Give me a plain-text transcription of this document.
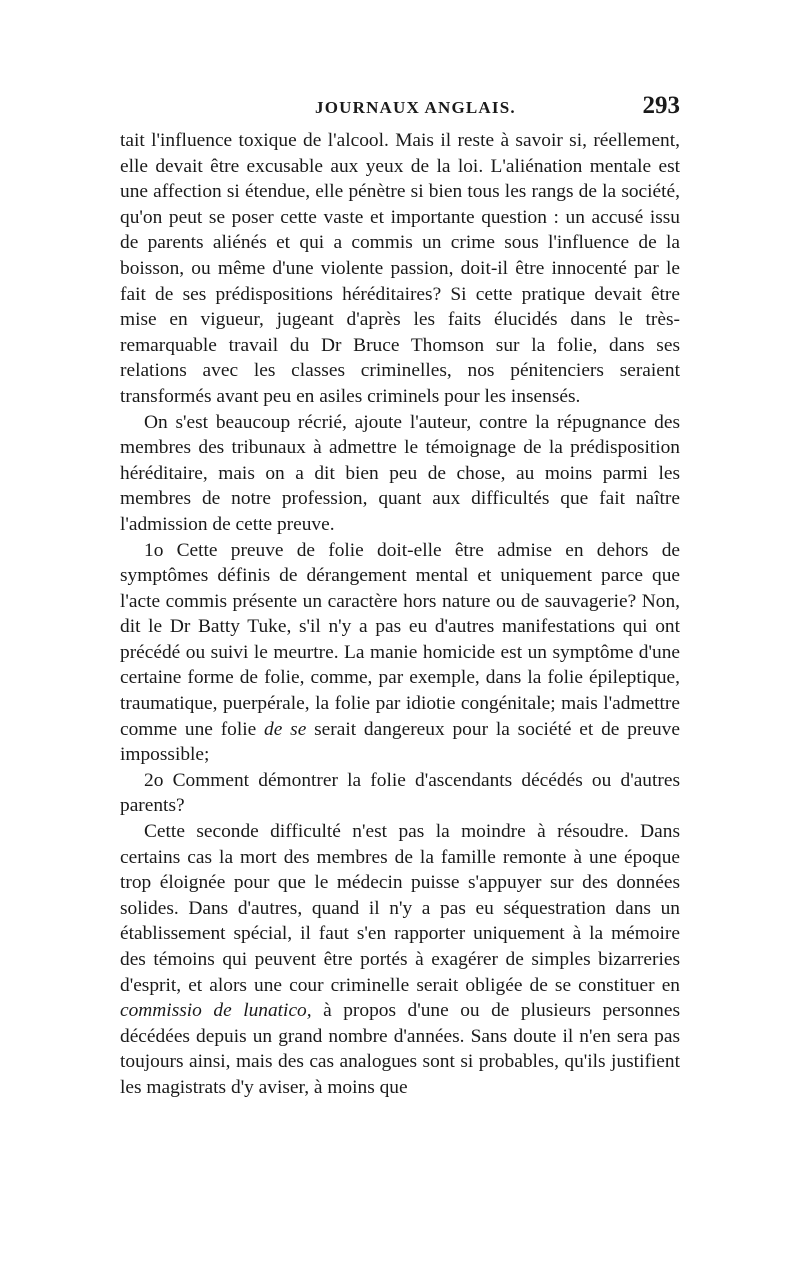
JOURNAUX ANGLAIS.	293

tait l'influence toxique de l'alcool. Mais il reste à savoir si, réellement, elle devait être excusable aux yeux de la loi. L'aliénation mentale est une affection si étendue, elle pénètre si bien tous les rangs de la société, qu'on peut se poser cette vaste et importante question : un accusé issu de parents aliénés et qui a commis un crime sous l'influence de la boisson, ou même d'une violente passion, doit-il être innocenté par le fait de ses prédispositions héréditaires? Si cette pratique devait être mise en vigueur, jugeant d'après les faits élucidés dans le très-remarquable travail du Dr Bruce Thomson sur la folie, dans ses relations avec les classes criminelles, nos pénitenciers seraient transformés avant peu en asiles criminels pour les insensés.

On s'est beaucoup récrié, ajoute l'auteur, contre la répugnance des membres des tribunaux à admettre le témoignage de la prédisposition héréditaire, mais on a dit bien peu de chose, au moins parmi les membres de notre profession, quant aux difficultés que fait naître l'admission de cette preuve.

1o Cette preuve de folie doit-elle être admise en dehors de symptômes définis de dérangement mental et uniquement parce que l'acte commis présente un caractère hors nature ou de sauvagerie? Non, dit le Dr Batty Tuke, s'il n'y a pas eu d'autres manifestations qui ont précédé ou suivi le meurtre. La manie homicide est un symptôme d'une certaine forme de folie, comme, par exemple, dans la folie épileptique, traumatique, puerpérale, la folie par idiotie congénitale; mais l'admettre comme une folie de se serait dangereux pour la société et de preuve impossible;

2o Comment démontrer la folie d'ascendants décédés ou d'autres parents?

Cette seconde difficulté n'est pas la moindre à résoudre. Dans certains cas la mort des membres de la famille remonte à une époque trop éloignée pour que le médecin puisse s'appuyer sur des données solides. Dans d'autres, quand il n'y a pas eu séquestration dans un établissement spécial, il faut s'en rapporter uniquement à la mémoire des témoins qui peuvent être portés à exagérer de simples bizarreries d'esprit, et alors une cour criminelle serait obligée de se constituer en commissio de lunatico, à propos d'une ou de plusieurs personnes décédées depuis un grand nombre d'années. Sans doute il n'en sera pas toujours ainsi, mais des cas analogues sont si probables, qu'ils justifient les magistrats d'y aviser, à moins que
